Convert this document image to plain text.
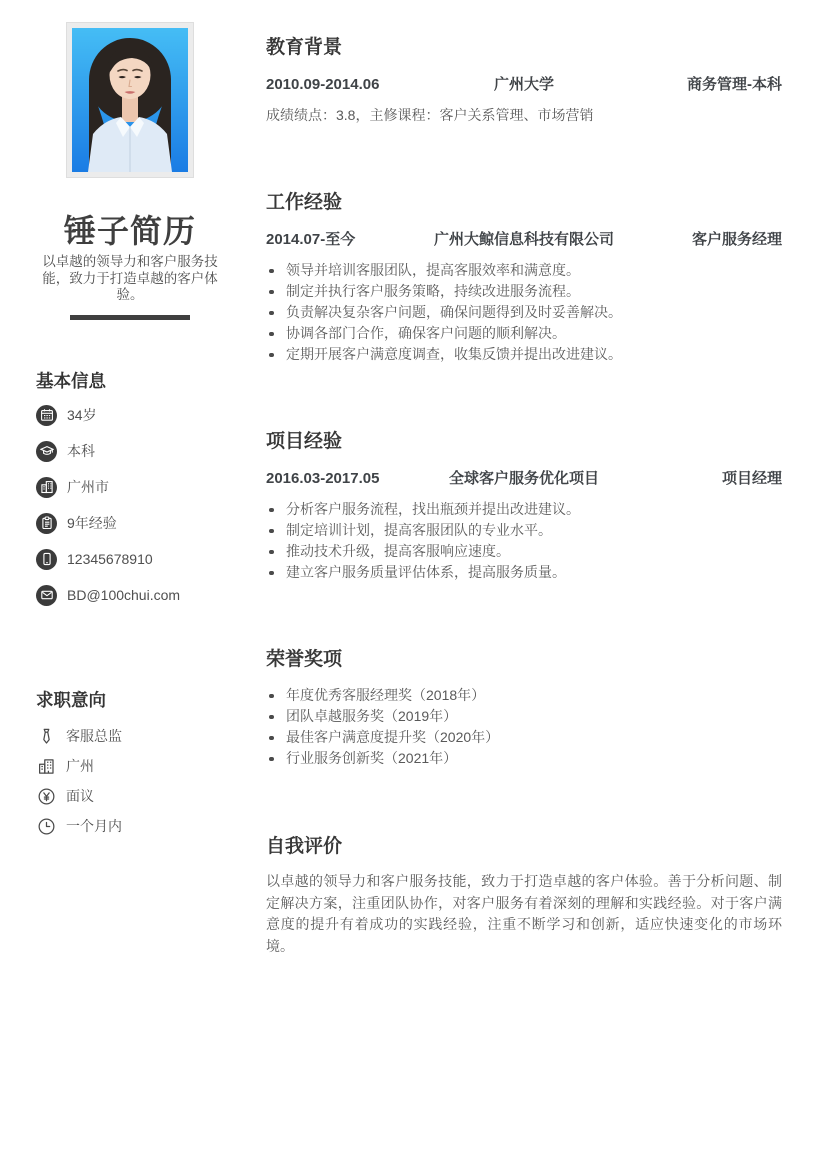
锤子简历

以卓越的领导力和客户服务技能，致力于打造卓越的客户体验。

基本信息
34岁
本科
广州市
9年经验
12345678910
BD@100chui.com
求职意向
客服总监
广州
面议
一个月内
教育背景
2010.09-2014.06	广州大学	商务管理-本科

成绩绩点：3.8，主修课程：客户关系管理、市场营销

工作经验
2014.07-至今	广州大鲸信息科技有限公司	客户服务经理
领导并培训客服团队，提高客服效率和满意度。
制定并执行客户服务策略，持续改进服务流程。
负责解决复杂客户问题，确保问题得到及时妥善解决。
协调各部门合作，确保客户问题的顺利解决。
定期开展客户满意度调查，收集反馈并提出改进建议。
项目经验
2016.03-2017.05	全球客户服务优化项目	项目经理
分析客户服务流程，找出瓶颈并提出改进建议。
制定培训计划，提高客服团队的专业水平。
推动技术升级，提高客服响应速度。
建立客户服务质量评估体系，提高服务质量。
荣誉奖项
年度优秀客服经理奖（2018年）
团队卓越服务奖（2019年）
最佳客户满意度提升奖（2020年）
行业服务创新奖（2021年）
自我评价

以卓越的领导力和客户服务技能，致力于打造卓越的客户体验。善于分析问题、制定解决方案，注重团队协作，对客户服务有着深刻的理解和实践经验。对于客户满意度的提升有着成功的实践经验，注重不断学习和创新，适应快速变化的市场环境。
